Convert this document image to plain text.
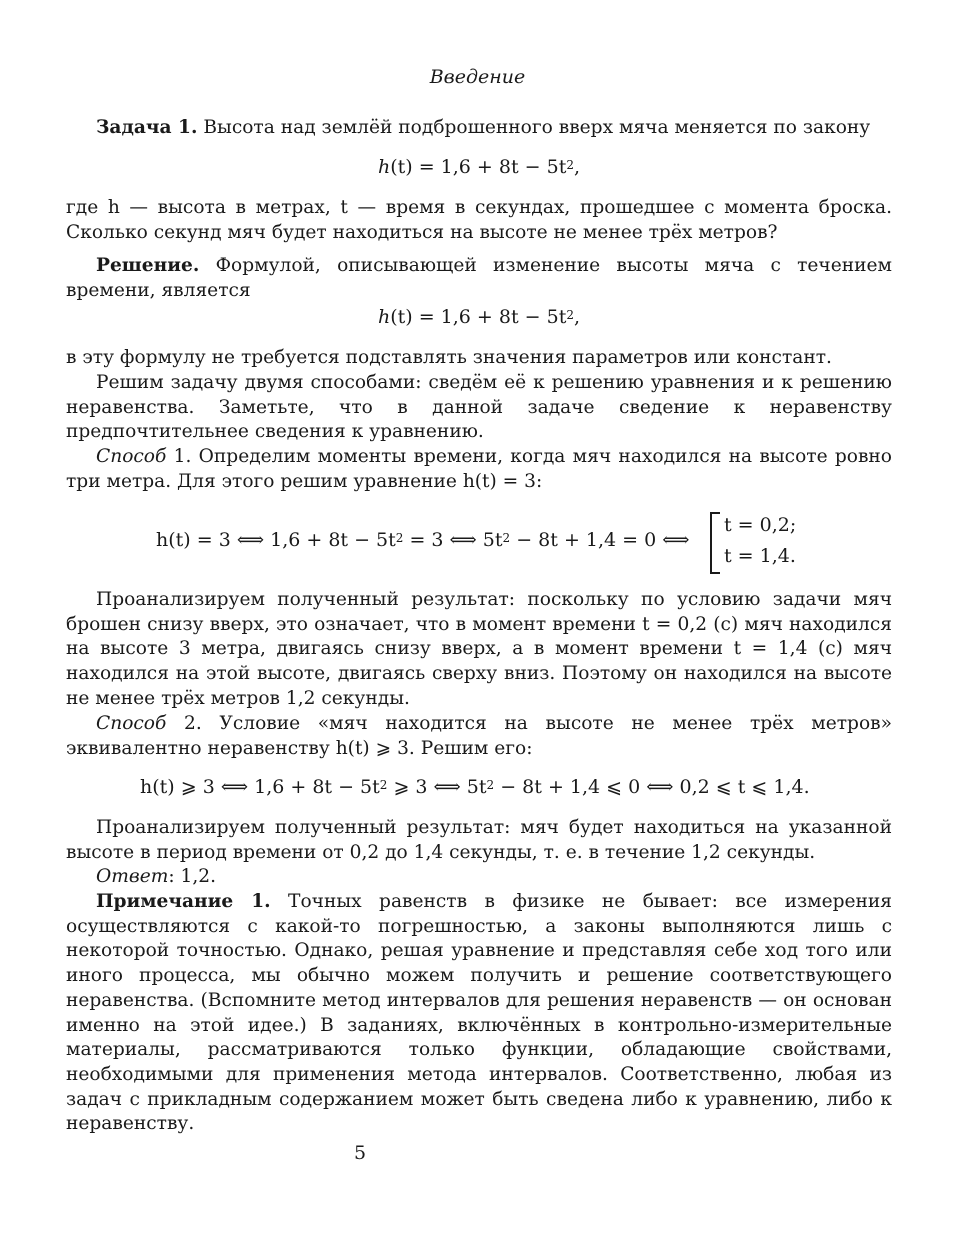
Введение
Задача 1. Высота над землёй подброшенного вверх мяча меняется по закону
$h(t) = 1,6 + 8t - 5t^2$,
где h — высота в метрах, t — время в секундах, прошедшее с момента броска. Сколько секунд мяч будет находиться на высоте не менее трёх метров?
Решение. Формулой, описывающей изменение высоты мяча с течением времени, является
$h(t) = 1,6 + 8t - 5t^2$,
в эту формулу не требуется подставлять значения параметров или констант.
Решим задачу двумя способами: сведём её к решению уравнения и к решению неравенства. Заметьте, что в данной задаче сведение к неравенству предпочтительнее сведения к уравнению.
Способ 1. Определим моменты времени, когда мяч находился на высоте ровно три метра. Для этого решим уравнение h(t) = 3:
h(t) = 3 ⟺ $1,6 + 8t - 5t^2 = 3$ ⟺ $5t^2 - 8t + 1,4 = 0$ ⟺
t = 0,2;
t = 1,4.
Проанализируем полученный результат: поскольку по условию задачи мяч брошен снизу вверх, это означает, что в момент времени t = 0,2 (c) мяч находился на высоте 3 метра, двигаясь снизу вверх, а в момент времени t = 1,4 (c) мяч находился на этой высоте, двигаясь сверху вниз. Поэтому он находился на высоте не менее трёх метров 1,2 секунды.
Способ 2. Условие «мяч находится на высоте не менее трёх метров» эквивалентно неравенству h(t) ⩾ 3. Решим его:
h(t) ⩾ 3 ⟺ $1,6 + 8t - 5t^2$ ⩾ 3 ⟺ $5t^2 - 8t + 1,4$ ⩽ 0 ⟺ 0,2 ⩽ t ⩽ 1,4.
Проанализируем полученный результат: мяч будет находиться на указанной высоте в период времени от 0,2 до 1,4 секунды, т. е. в течение 1,2 секунды.
Ответ: 1,2.
Примечание 1. Точных равенств в физике не бывает: все измерения осуществляются с какой-то погрешностью, а законы выполняются лишь с некоторой точностью. Однако, решая уравнение и представляя себе ход того или иного процесса, мы обычно можем получить и решение соответствующего неравенства. (Вспомните метод интервалов для решения неравенств — он основан именно на этой идее.) В заданиях, включённых в контрольно-измерительные материалы, рассматриваются только функции, обладающие свойствами, необходимыми для применения метода интервалов. Соответственно, любая из задач с прикладным содержанием может быть сведена либо к уравнению, либо к неравенству.
5
